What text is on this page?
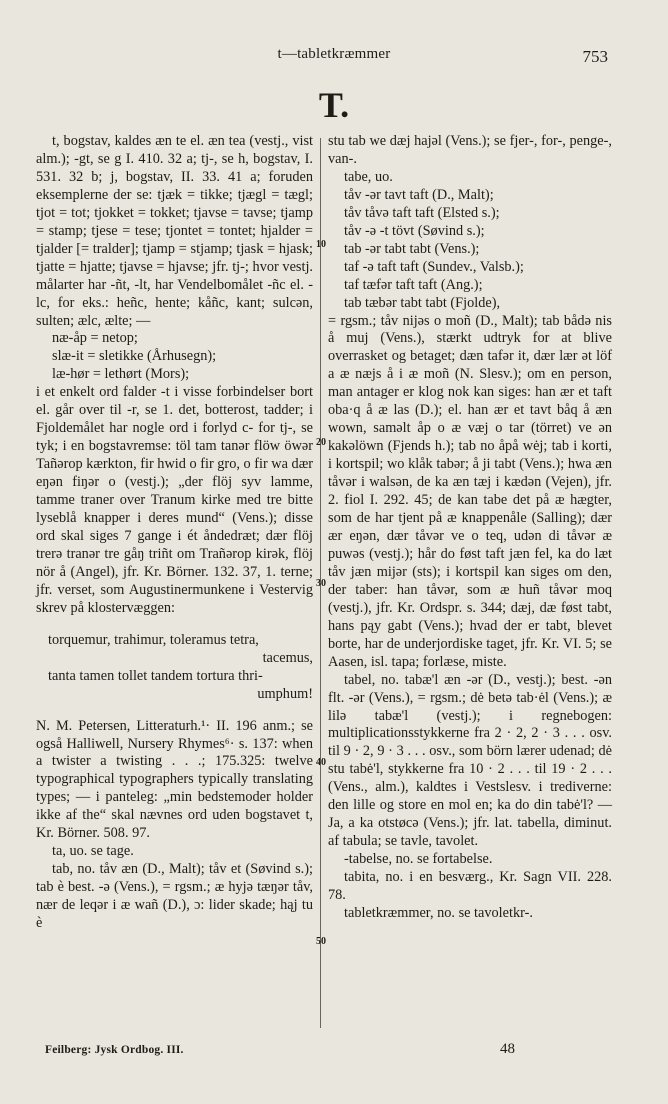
t—tabletkræmmer	753
T.

t, bogstav, kaldes æn te el. æn tea (vestj., vist alm.); -gt, se g I. 410. 32 a; tj-, se h, bogstav, I. 531. 32 b; j, bogstav, II. 33. 41 a; foruden eksemplerne der se: tjæk = tikke; tjægl = tægl; tjot = tot; tjokket = tokket; tjavse = tavse; tjamp = stamp; tjese = tese; tjontet = tontet; hjalder = tjalder [= tralder]; tjamp = stjamp; tjask = hjask; tjatte = hjatte; tjavse = hjavse; jfr. tj-; hvor vestj. målarter har -ñt, -lt, har Vendelbomålet -ñc el. -lc, for eks.: heñc, hente; kåñc, kant; sulcən, sulten; ælc, ælte; —

næ-åp = netop;

slæ-it = sletikke (Århusegn);

læ-hør = lethørt (Mors);

i et enkelt ord falder -t i visse forbindelser bort el. går over til -r, se 1. det, botterost, tadder; i Fjoldemålet har nogle ord i forlyd c- for tj-, se tyk; i en bogstavremse: töl tam tanər flöw öwər Tañərop kærkton, fir hwid o fir gro, o fir wa dær eŋən fiŋər o (vestj.); „der flöj syv lamme, tamme traner over Tranum kirke med tre bitte lyseblå knapper i deres mund“ (Vens.); disse ord skal siges 7 gange i ét åndedræt; dær flöj trerə tranər tre gåŋ triñt om Trañərop kirək, flöj nör å (Angel), jfr. Kr. Börner. 132. 37, 1. terne; jfr. verset, som Augustinermunkene i Vestervig skrev på klostervæggen:

torquemur, trahimur, toleramus tetra,

tacemus,

tanta tamen tollet tandem tortura thri-

umphum!

N. M. Petersen, Litteraturh.¹· II. 196 anm.; se også Halliwell, Nursery Rhymes⁶· s. 137: when a twister a twisting . . .; 175.325: twelve typographical typographers typically translating types; — i panteleg: „min bedstemoder holder ikke af the“ skal nævnes ord uden bogstavet t, Kr. Börner. 508. 97.

ta, uo. se tage.

tab, no. tåv æn (D., Malt); tåv et (Søvind s.); tab è best. -ə (Vens.), = rgsm.; æ hyjə tæŋər tåv, nær de leqər i æ wañ (D.), ɔ: lider skade; hąj tu è

stu tab we dæj hajəl (Vens.); se fjer-, for-, penge-, van-.

tabe, uo.

tåv -ər tavt taft (D., Malt);

tåv tåvə taft taft (Elsted s.);

tåv -ə -t tövt (Søvind s.);

tab -ər tabt tabt (Vens.);

taf -ə taft taft (Sundev., Valsb.);

taf tæfər taft taft (Ang.);

tab tæbər tabt tabt (Fjolde),

= rgsm.; tåv nijəs o moñ (D., Malt); tab bådə nis å muj (Vens.), stærkt udtryk for at blive overrasket og betaget; dæn tafər it, dær lær ət löf a æ næjs å i æ moñ (N. Slesv.); om en person, man antager er klog nok kan siges: han ær et taft oba·q å æ las (D.); el. han ær et tavt båq å æn wown, saməlt åp o æ væj o tar (törret) ve ən kakəlöwn (Fjends h.); tab no åpå wėj; tab i korti, i kortspil; wo klåk tabər; å ji tabt (Vens.); hwa æn tåvər i walsən, de ka æn tæj i kædən (Vejen), jfr. 2. fiol I. 292. 45; de kan tabe det på æ hægter, som de har tjent på æ knappenåle (Salling); dær ær eŋən, dær tåvər ve o teq, udən di tåvər æ puwəs (vestj.); hår do føst taft jæn fel, ka do læt tåv jæn mijər (sts); i kortspil kan siges om den, der taber: han tåvər, som æ huñ tåvər moq (vestj.), jfr. Kr. Ordspr. s. 344; dæj, dæ føst tabt, hans pąy gabt (Vens.); hvad der er tabt, blevet borte, har de underjordiske taget, jfr. Kr. VI. 5; se Aasen, isl. tapa; forlæse, miste.

tabel, no. tabæ'l æn -ər (D., vestj.); best. -ən flt. -ər (Vens.), = rgsm.; dė betə tab·ėl (Vens.); æ lilə tabæ'l (vestj.); i regnebogen: multiplicationsstykkerne fra 2 · 2, 2 · 3 . . . osv. til 9 · 2, 9 · 3 . . . osv., som börn lærer udenad; dė stu tabė'l, stykkerne fra 10 · 2 . . . til 19 · 2 . . . (Vens., alm.), kaldtes i Vestslesv. i trediverne: den lille og store en mol en; ka do din tabė'l? — Ja, a ka otstøcə (Vens.); jfr. lat. tabella, diminut. af tabula; se tavle, tavolet.

-tabelse, no. se fortabelse.

tabita, no. i en besværg., Kr. Sagn VII. 228. 78.

tabletkræmmer, no. se tavoletkr-.

10
20
30
40
50
Feilberg: Jysk Ordbog. III.	48
